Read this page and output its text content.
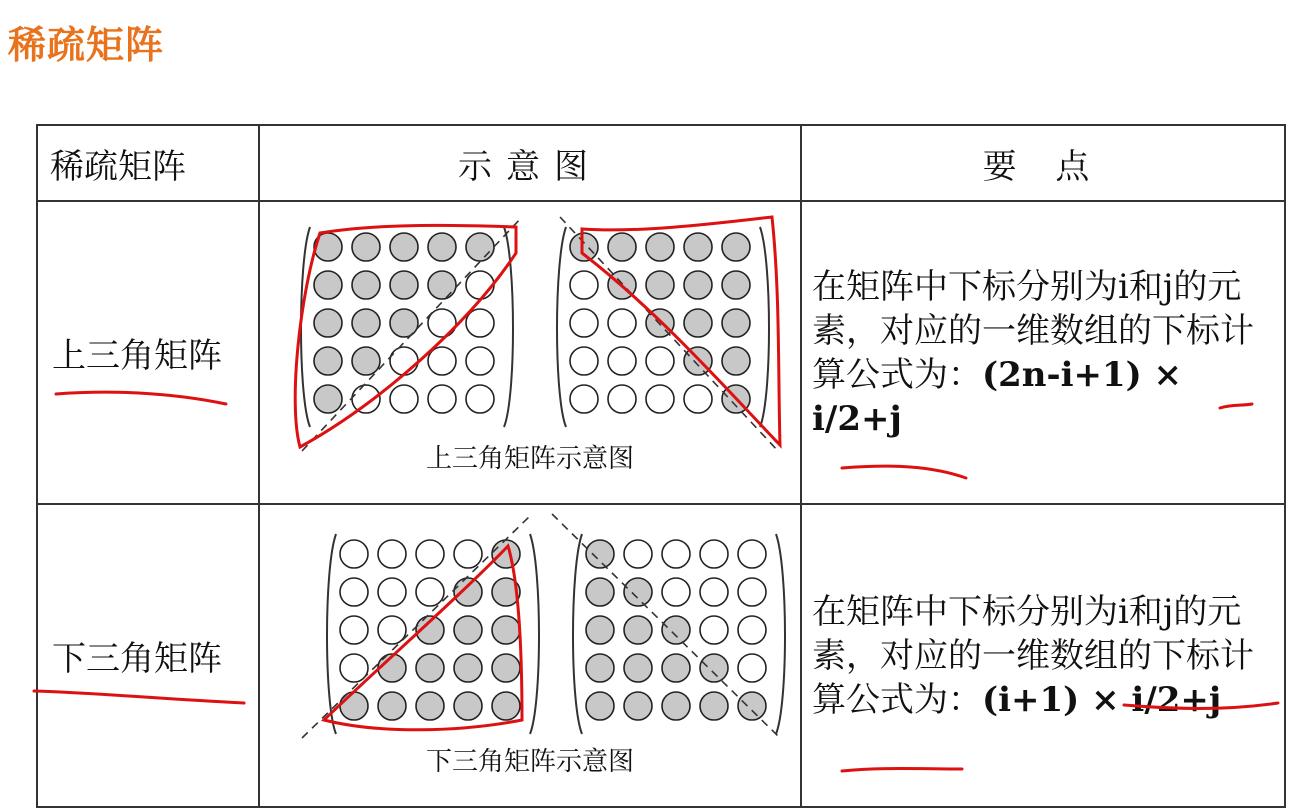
稀疏矩阵
稀疏矩阵	示意图	要 点
上三角矩阵	上三角矩阵示意图	在矩阵中下标分别为i和j的元素，对应的一维数组的下标计算公式为：(2n-i+1) × i/2+j

下三角矩阵	下三角矩阵示意图	在矩阵中下标分别为i和j的元素，对应的一维数组的下标计算公式为：(i+1) × i/2+j
